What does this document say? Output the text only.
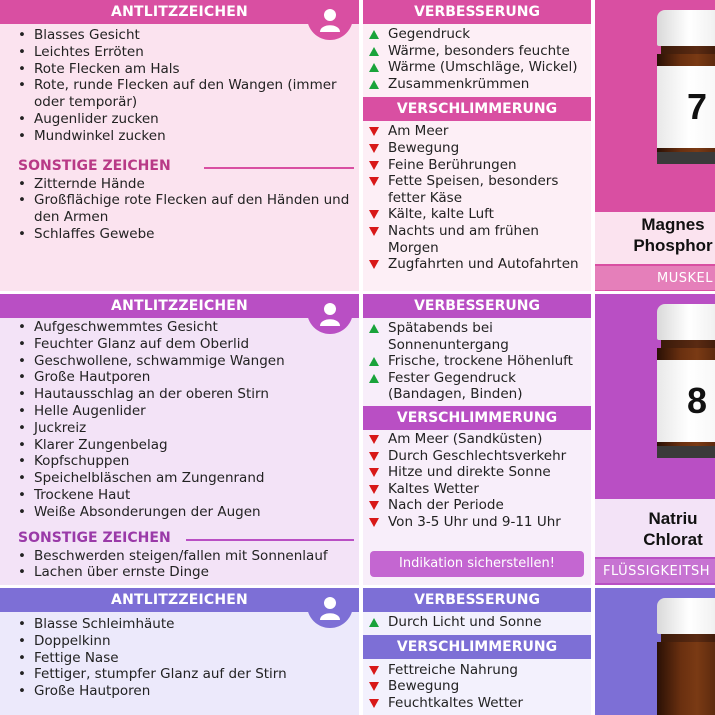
ANTLITZZEICHEN
• Blasses Gesicht
• Leichtes Erröten
• Rote Flecken am Hals
• Rote, runde Flecken auf den Wangen (immer oder temporär)
• Augenlider zucken
• Mundwinkel zucken
SONSTIGE ZEICHEN
• Zitternde Hände
• Großflächige rote Flecken auf den Händen und den Armen
• Schlaffes Gewebe
VERBESSERUNG
Gegendruck
Wärme, besonders feuchte
Wärme (Umschläge, Wickel)
Zusammenkrümmen
VERSCHLIMMERUNG
Am Meer
Bewegung
Feine Berührungen
Fette Speisen, besonders fetter Käse
Kälte, kalte Luft
Nachts und am frühen Morgen
Zugfahrten und Autofahrten
7
Magnes
Phosphor
MUSKEL
ANTLITZZEICHEN
• Aufgeschwemmtes Gesicht
• Feuchter Glanz auf dem Oberlid
• Geschwollene, schwammige Wangen
• Große Hautporen
• Hautausschlag an der oberen Stirn
• Helle Augenlider
• Juckreiz
• Klarer Zungenbelag
• Kopfschuppen
• Speichelbläschen am Zungenrand
• Trockene Haut
• Weiße Absonderungen der Augen
SONSTIGE ZEICHEN
• Beschwerden steigen/fallen mit Sonnenlauf
• Lachen über ernste Dinge
VERBESSERUNG
Spätabends bei Sonnenuntergang
Frische, trockene Höhenluft
Fester Gegendruck (Bandagen, Binden)
VERSCHLIMMERUNG
Am Meer (Sandküsten)
Durch Geschlechtsverkehr
Hitze und direkte Sonne
Kaltes Wetter
Nach der Periode
Von 3-5 Uhr und 9-11 Uhr
Indikation sicherstellen!
8
Natriu
Chlorat
FLÜSSIGKEITSH
ANTLITZZEICHEN
• Blasse Schleimhäute
• Doppelkinn
• Fettige Nase
• Fettiger, stumpfer Glanz auf der Stirn
• Große Hautporen
VERBESSERUNG
Durch Licht und Sonne
VERSCHLIMMERUNG
Fettreiche Nahrung
Bewegung
Feuchtkaltes Wetter
